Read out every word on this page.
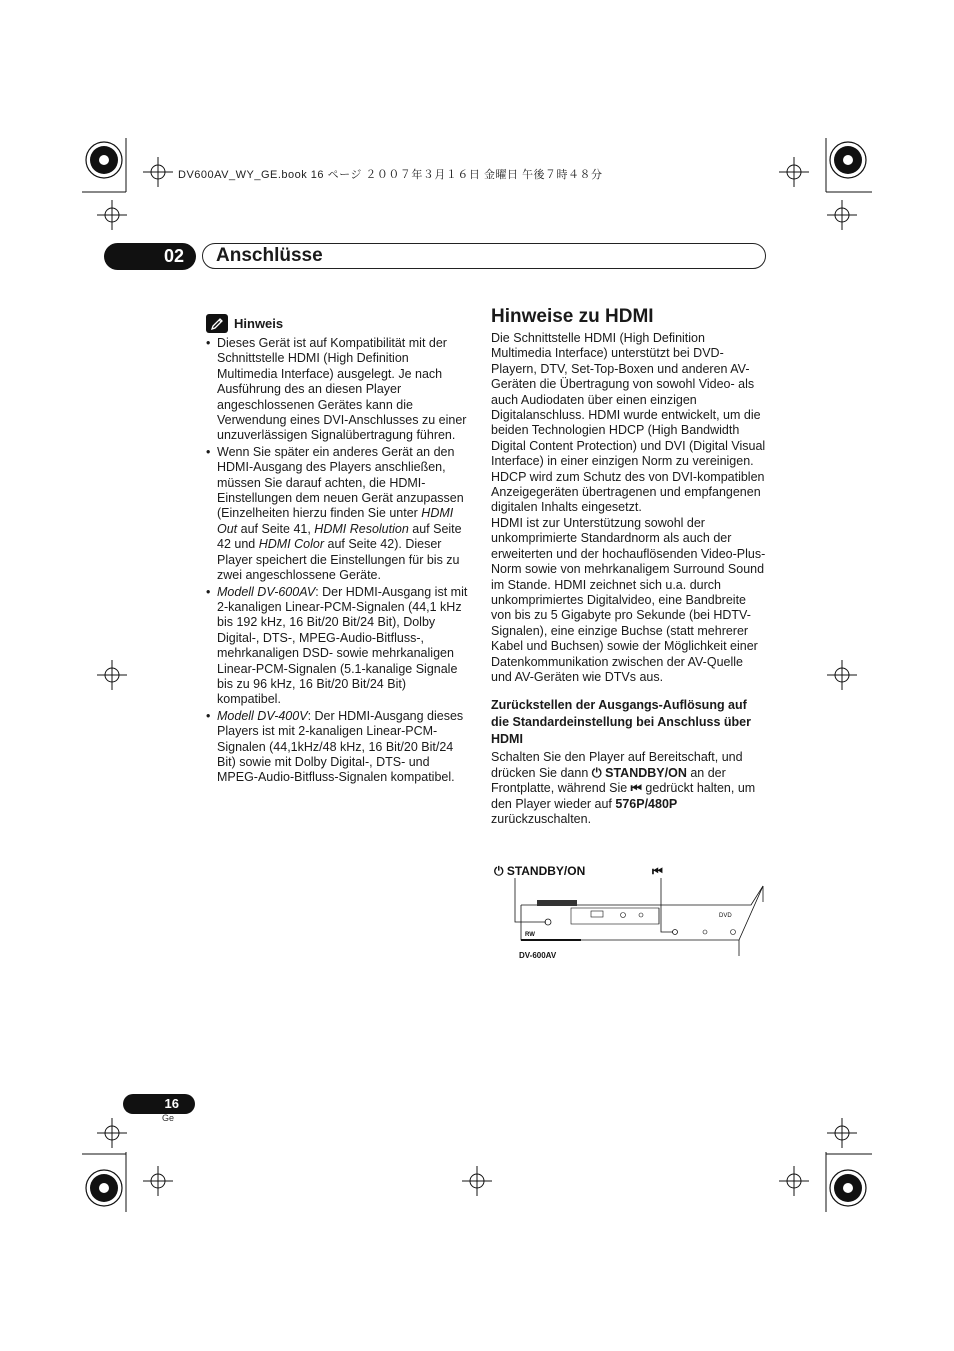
DV600AV_WY_GE.book 16 ページ ２００７年３月１６日 金曜日 午後７時４８分
02	Anschlüsse
Hinweis
• Dieses Gerät ist auf Kompatibilität mit der Schnittstelle HDMI (High Definition Multimedia Interface) ausgelegt. Je nach Ausführung des an diesen Player angeschlossenen Gerätes kann die Verwendung eines DVI-Anschlusses zu einer unzuverlässigen Signalübertragung führen.
• Wenn Sie später ein anderes Gerät an den HDMI-Ausgang des Players anschließen, müssen Sie darauf achten, die HDMI-Einstellungen dem neuen Gerät anzupassen (Einzelheiten hierzu finden Sie unter HDMI Out auf Seite 41, HDMI Resolution auf Seite 42 und HDMI Color auf Seite 42). Dieser Player speichert die Einstellungen für bis zu zwei angeschlossene Geräte.
• Modell DV-600AV: Der HDMI-Ausgang ist mit 2-kanaligen Linear-PCM-Signalen (44,1 kHz bis 192 kHz, 16 Bit/20 Bit/24 Bit), Dolby Digital-, DTS-, MPEG-Audio-Bitfluss-, mehrkanaligen DSD- sowie mehrkanaligen Linear-PCM-Signalen (5.1-kanalige Signale bis zu 96 kHz, 16 Bit/20 Bit/24 Bit) kompatibel.
• Modell DV-400V: Der HDMI-Ausgang dieses Players ist mit 2-kanaligen Linear-PCM-Signalen (44,1kHz/48 kHz, 16 Bit/20 Bit/24 Bit) sowie mit Dolby Digital-, DTS- und MPEG-Audio-Bitfluss-Signalen kompatibel.
Hinweise zu HDMI

Die Schnittstelle HDMI (High Definition Multimedia Interface) unterstützt bei DVD-Playern, DTV, Set-Top-Boxen und anderen AV-Geräten die Übertragung von sowohl Video- als auch Audiodaten über einen einzigen Digitalanschluss. HDMI wurde entwickelt, um die beiden Technologien HDCP (High Bandwidth Digital Content Protection) und DVI (Digital Visual Interface) in einer einzigen Norm zu vereinigen. HDCP wird zum Schutz des von DVI-kompatiblen Anzeigegeräten übertragenen und empfangenen digitalen Inhalts eingesetzt.

HDMI ist zur Unterstützung sowohl der unkomprimierte Standardnorm als auch der erweiterten und der hochauflösenden Video-Plus-Norm sowie von mehrkanaligem Surround Sound im Stande. HDMI zeichnet sich u.a. durch unkomprimiertes Digitalvideo, eine Bandbreite von bis zu 5 Gigabyte pro Sekunde (bei HDTV-Signalen), eine einzige Buchse (statt mehrerer Kabel und Buchsen) sowie der Möglichkeit einer Datenkommunikation zwischen der AV-Quelle und AV-Geräten wie DTVs aus.

Zurückstellen der Ausgangs-Auflösung auf die Standardeinstellung bei Anschluss über HDMI

Schalten Sie den Player auf Bereitschaft, und drücken Sie dann ⏻ STANDBY/ON an der Frontplatte, während Sie ⏮ gedrückt halten, um den Player wieder auf 576P/480P zurückzuschalten.

⏻ STANDBY/ON	⏮
DVD
RW
DV-600AV
16
Ge
